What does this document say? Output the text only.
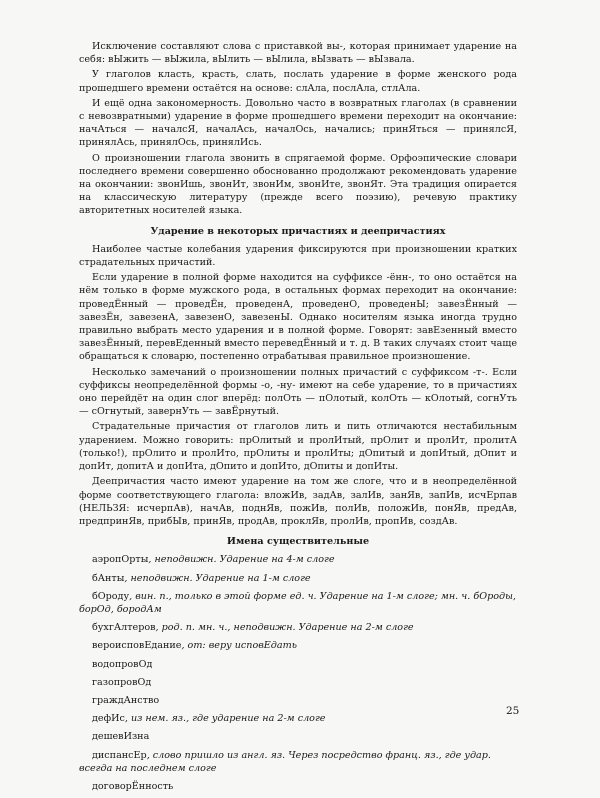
Исключение составляют слова с приставкой вы-, которая принимает ударение на себя: вЫжить — вЫжила, вЫлить — вЫлила, вЫзвать — вЫзвала.

У глаголов класть, красть, слать, послать ударение в форме женского рода прошедшего времени остаётся на основе: слАла, послАла, стлАла.

И ещё одна закономерность. Довольно часто в возвратных глаголах (в сравнении с невозвратными) ударение в форме прошедшего времени переходит на окончание: начАться — началсЯ, началАсь, началОсь, начались; принЯться — принялсЯ, принялАсь, принялОсь, принялИсь.

О произношении глагола звонить в спрягаемой форме. Орфоэпические словари последнего времени совершенно обоснованно продолжают рекомендовать ударение на окончании: звонИшь, звонИт, звонИм, звонИте, звонЯт. Эта традиция опирается на классическую литературу (прежде всего поэзию), речевую практику авторитетных носителей языка.

Ударение в некоторых причастиях и деепричастиях

Наиболее частые колебания ударения фиксируются при произношении кратких страдательных причастий.

Если ударение в полной форме находится на суффиксе -ённ-, то оно остаётся на нём только в форме мужского рода, в остальных формах переходит на окончание: проведЁнный — проведЁн, проведенА, проведенО, проведенЫ; завезЁнный — завезЁн, завезенА, завезенО, завезенЫ. Однако носителям языка иногда трудно правильно выбрать место ударения и в полной форме. Говорят: завЕзенный вместо завезЁнный, перевЕденный вместо переведЁнный и т. д. В таких случаях стоит чаще обращаться к словарю, постепенно отрабатывая правильное произношение.

Несколько замечаний о произношении полных причастий с суффиксом -т-. Если суффиксы неопределённой формы -о, -ну- имеют на себе ударение, то в причастиях оно перейдёт на один слог вперёд: полОть — пОлотый, колОть — кОлотый, согнУть — сОгнутый, завернУть — завЁрнутый.

Страдательные причастия от глаголов лить и пить отличаются нестабильным ударением. Можно говорить: прОлитый и пролИтый, прОлит и пролИт, пролитА (только!), прОлито и пролИто, прОлиты и пролИты; дОпитый и допИтый, дОпит и допИт, допитА и допИта, дОпито и допИто, дОпиты и допИты.

Деепричастия часто имеют ударение на том же слоге, что и в неопределённой форме соответствующего глагола: вложИв, задАв, залИв, занЯв, запИв, исчЕрпав (НЕЛЬЗЯ: исчерпАв), начАв, поднЯв, пожИв, полИв, положИв, понЯв, предАв, предпринЯв, прибЫв, принЯв, продАв, проклЯв, пролИв, пропИв, создАв.

Имена существительные
аэропОрты, неподвижн. Ударение на 4-м слоге
бАнты, неподвижн. Ударение на 1-м слоге
бОроду, вин. п., только в этой форме ед. ч. Ударение на 1-м слоге; мн. ч. бОроды, борОд, бородАм
бухгАлтеров, род. п. мн. ч., неподвижн. Ударение на 2-м слоге
вероисповЕдание, от: веру исповЕдать
водопровОд
газопровОд
граждАнство
дефИс, из нем. яз., где ударение на 2-м слоге
дешевИзна
диспансЕр, слово пришло из англ. яз. Через посредство франц. яз., где удар. всегда на последнем слоге
договорЁнность
25
